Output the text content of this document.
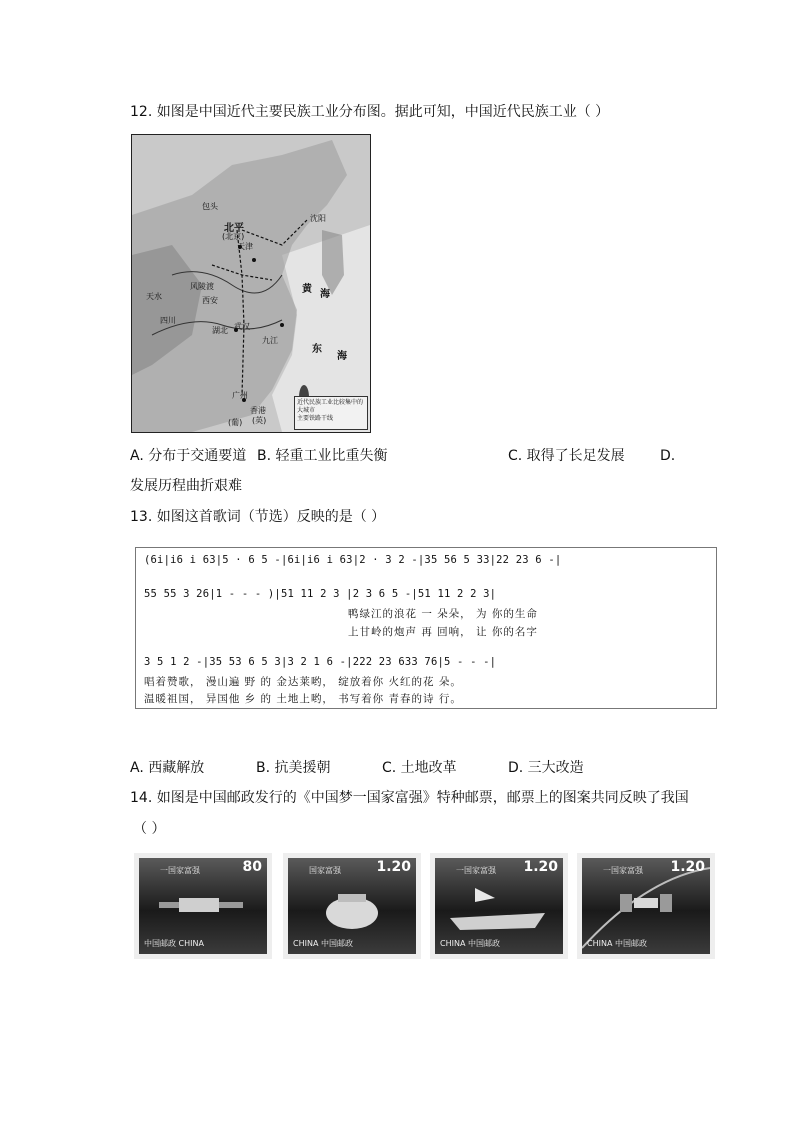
12. 如图是中国近代主要民族工业分布图。据此可知，中国近代民族工业（ ）
北平
(北京)
天津
沈阳
包头
风陵渡
西安
天水
四川
湖北 武汉
九江
黄 海
东
海
广州
香港
(英)
(葡)
近代民族工业比较集中的大城市
主要铁路干线
A. 分布于交通要道 B. 轻重工业比重失衡	C. 取得了长足发展	D.
发展历程曲折艰难
13. 如图这首歌词（节选）反映的是（ ）
(6i|i6 i 63|5 · 6 5 -|6i|i6 i 63|2 · 3 2 -|35 56 5 33|22 23 6 -|
55 55 3 26|1 - - - )|51 11 2 3 |2 3 6 5 -|51 11 2 2 3|
鸭绿江的浪花 一 朵朵， 为 你的生命
上甘岭的炮声 再 回响， 让 你的名字
3 5 1 2 -|35 53 6 5 3|3 2 1 6 -|222 23 633 76|5 - - -|
唱着赞歌， 漫山遍 野 的 金达莱哟， 绽放着你 火红的花 朵。
温暖祖国， 异国他 乡 的 土地上哟， 书写着你 青春的诗 行。
A. 西藏解放	B. 抗美援朝	C. 土地改革	D. 三大改造
14. 如图是中国邮政发行的《中国梦一国家富强》特种邮票，邮票上的图案共同反映了我国
（ ）
80
一国家富强
中国邮政 CHINA
1.20
国家富强
CHINA 中国邮政
1.20
一国家富强
CHINA 中国邮政
1.20
一国家富强
CHINA 中国邮政
